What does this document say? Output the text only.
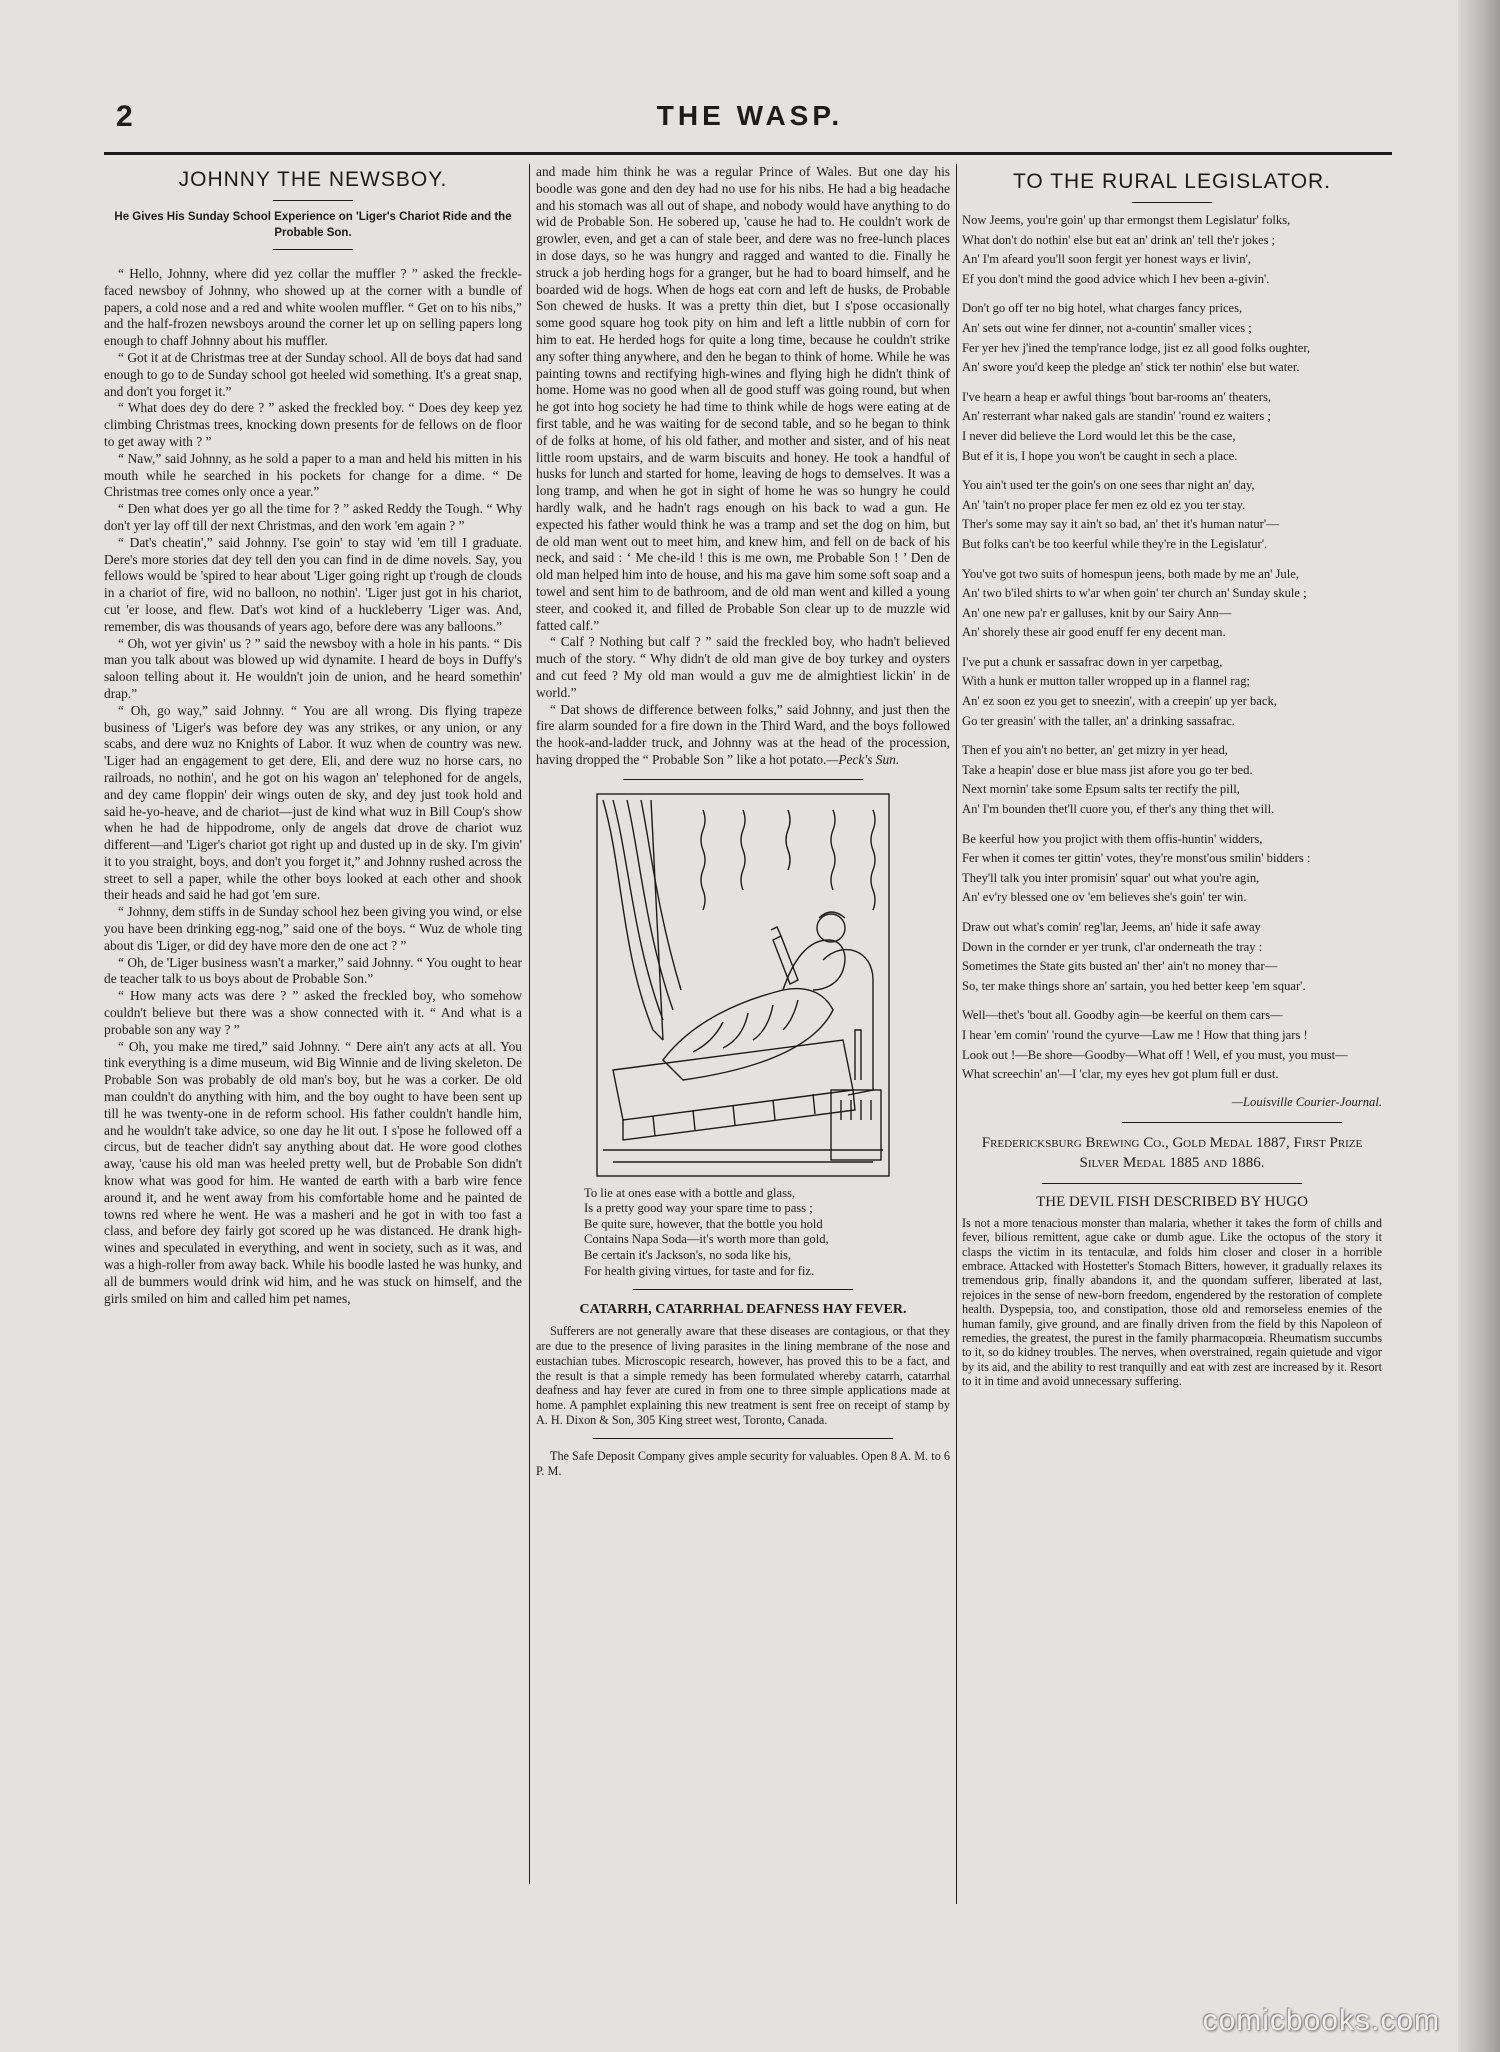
2	THE WASP.
JOHNNY THE NEWSBOY.
He Gives His Sunday School Experience on 'Liger's Chariot Ride and the Probable Son.

“ Hello, Johnny, where did yez collar the muffler ? ” asked the freckle-faced newsboy of Johnny, who showed up at the corner with a bundle of papers, a cold nose and a red and white woolen muffler. “ Get on to his nibs,” and the half-frozen newsboys around the corner let up on selling papers long enough to chaff Johnny about his muffler.

“ Got it at de Christmas tree at der Sunday school. All de boys dat had sand enough to go to de Sunday school got heeled wid something. It's a great snap, and don't you forget it.”

“ What does dey do dere ? ” asked the freckled boy. “ Does dey keep yez climbing Christmas trees, knocking down presents for de fellows on de floor to get away with ? ”

“ Naw,” said Johnny, as he sold a paper to a man and held his mitten in his mouth while he searched in his pockets for change for a dime. “ De Christmas tree comes only once a year.”

“ Den what does yer go all the time for ? ” asked Reddy the Tough. “ Why don't yer lay off till der next Christmas, and den work 'em again ? ”

“ Dat's cheatin',” said Johnny. I'se goin' to stay wid 'em till I graduate. Dere's more stories dat dey tell den you can find in de dime novels. Say, you fellows would be 'spired to hear about 'Liger going right up t'rough de clouds in a chariot of fire, wid no balloon, no nothin'. 'Liger just got in his chariot, cut 'er loose, and flew. Dat's wot kind of a huckleberry 'Liger was. And, remember, dis was thousands of years ago, before dere was any balloons.”

“ Oh, wot yer givin' us ? ” said the newsboy with a hole in his pants. “ Dis man you talk about was blowed up wid dynamite. I heard de boys in Duffy's saloon telling about it. He wouldn't join de union, and he heard somethin' drap.”

“ Oh, go way,” said Johnny. “ You are all wrong. Dis flying trapeze business of 'Liger's was before dey was any strikes, or any union, or any scabs, and dere wuz no Knights of Labor. It wuz when de country was new. 'Liger had an engagement to get dere, Eli, and dere wuz no horse cars, no railroads, no nothin', and he got on his wagon an' telephoned for de angels, and dey came floppin' deir wings outen de sky, and dey just took hold and said he-yo-heave, and de chariot—just de kind what wuz in Bill Coup's show when he had de hippodrome, only de angels dat drove de chariot wuz different—and 'Liger's chariot got right up and dusted up in de sky. I'm givin' it to you straight, boys, and don't you forget it,” and Johnny rushed across the street to sell a paper, while the other boys looked at each other and shook their heads and said he had got 'em sure.

“ Johnny, dem stiffs in de Sunday school hez been giving you wind, or else you have been drinking egg-nog,” said one of the boys. “ Wuz de whole ting about dis 'Liger, or did dey have more den de one act ? ”

“ Oh, de 'Liger business wasn't a marker,” said Johnny. “ You ought to hear de teacher talk to us boys about de Probable Son.”

“ How many acts was dere ? ” asked the freckled boy, who somehow couldn't believe but there was a show connected with it. “ And what is a probable son any way ? ”

“ Oh, you make me tired,” said Johnny. “ Dere ain't any acts at all. You tink everything is a dime museum, wid Big Winnie and de living skeleton. De Probable Son was probably de old man's boy, but he was a corker. De old man couldn't do anything with him, and the boy ought to have been sent up till he was twenty-one in de reform school. His father couldn't handle him, and he wouldn't take advice, so one day he lit out. I s'pose he followed off a circus, but de teacher didn't say anything about dat. He wore good clothes away, 'cause his old man was heeled pretty well, but de Probable Son didn't know what was good for him. He wanted de earth with a barb wire fence around it, and he went away from his comfortable home and he painted de towns red where he went. He was a masheri and he got in with too fast a class, and before dey fairly got scored up he was distanced. He drank high-wines and speculated in everything, and went in society, such as it was, and was a high-roller from away back. While his boodle lasted he was hunky, and all de bummers would drink wid him, and he was stuck on himself, and the girls smiled on him and called him pet names,

and made him think he was a regular Prince of Wales. But one day his boodle was gone and den dey had no use for his nibs. He had a big headache and his stomach was all out of shape, and nobody would have anything to do wid de Probable Son. He sobered up, 'cause he had to. He couldn't work de growler, even, and get a can of stale beer, and dere was no free-lunch places in dose days, so he was hungry and ragged and wanted to die. Finally he struck a job herding hogs for a granger, but he had to board himself, and he boarded wid de hogs. When de hogs eat corn and left de husks, de Probable Son chewed de husks. It was a pretty thin diet, but I s'pose occasionally some good square hog took pity on him and left a little nubbin of corn for him to eat. He herded hogs for quite a long time, because he couldn't strike any softer thing anywhere, and den he began to think of home. While he was painting towns and rectifying high-wines and flying high he didn't think of home. Home was no good when all de good stuff was going round, but when he got into hog society he had time to think while de hogs were eating at de first table, and he was waiting for de second table, and so he began to think of de folks at home, of his old father, and mother and sister, and of his neat little room upstairs, and de warm biscuits and honey. He took a handful of husks for lunch and started for home, leaving de hogs to demselves. It was a long tramp, and when he got in sight of home he was so hungry he could hardly walk, and he hadn't rags enough on his back to wad a gun. He expected his father would think he was a tramp and set the dog on him, but de old man went out to meet him, and knew him, and fell on de back of his neck, and said : ‘ Me che-ild ! this is me own, me Probable Son ! ’ Den de old man helped him into de house, and his ma gave him some soft soap and a towel and sent him to de bathroom, and de old man went and killed a young steer, and cooked it, and filled de Probable Son clear up to de muzzle wid fatted calf.”

“ Calf ? Nothing but calf ? ” said the freckled boy, who hadn't believed much of the story. “ Why didn't de old man give de boy turkey and oysters and cut feed ? My old man would a guv me de almightiest lickin' in de world.”

“ Dat shows de difference between folks,” said Johnny, and just then the fire alarm sounded for a fire down in the Third Ward, and the boys followed the hook-and-ladder truck, and Johnny was at the head of the procession, having dropped the “ Probable Son ” like a hot potato.—Peck's Sun.

To lie at ones ease with a bottle and glass,
Is a pretty good way your spare time to pass ;
Be quite sure, however, that the bottle you hold
Contains Napa Soda—it's worth more than gold,
Be certain it's Jackson's, no soda like his,
For health giving virtues, for taste and for fiz.
CATARRH, CATARRHAL DEAFNESS HAY FEVER.

Sufferers are not generally aware that these diseases are contagious, or that they are due to the presence of living parasites in the lining membrane of the nose and eustachian tubes. Microscopic research, however, has proved this to be a fact, and the result is that a simple remedy has been formulated whereby catarrh, catarrhal deafness and hay fever are cured in from one to three simple applications made at home. A pamphlet explaining this new treatment is sent free on receipt of stamp by A. H. Dixon & Son, 305 King street west, Toronto, Canada.

The Safe Deposit Company gives ample security for valuables. Open 8 A. M. to 6 P. M.

TO THE RURAL LEGISLATOR.
Now Jeems, you're goin' up thar ermongst them Legislatur' folks,
What don't do nothin' else but eat an' drink an' tell the'r jokes ;
An' I'm afeard you'll soon fergit yer honest ways er livin',
Ef you don't mind the good advice which I hev been a-givin'.
Don't go off ter no big hotel, what charges fancy prices,
An' sets out wine fer dinner, not a-countin' smaller vices ;
Fer yer hev j'ined the temp'rance lodge, jist ez all good folks oughter,
An' swore you'd keep the pledge an' stick ter nothin' else but water.
I've hearn a heap er awful things 'bout bar-rooms an' theaters,
An' resterrant whar naked gals are standin' 'round ez waiters ;
I never did believe the Lord would let this be the case,
But ef it is, I hope you won't be caught in sech a place.
You ain't used ter the goin's on one sees thar night an' day,
An' 'tain't no proper place fer men ez old ez you ter stay.
Ther's some may say it ain't so bad, an' thet it's human natur'—
But folks can't be too keerful while they're in the Legislatur'.
You've got two suits of homespun jeens, both made by me an' Jule,
An' two b'iled shirts to w'ar when goin' ter church an' Sunday skule ;
An' one new pa'r er galluses, knit by our Sairy Ann—
An' shorely these air good enuff fer eny decent man.
I've put a chunk er sassafrac down in yer carpetbag,
With a hunk er mutton taller wropped up in a flannel rag;
An' ez soon ez you get to sneezin', with a creepin' up yer back,
Go ter greasin' with the taller, an' a drinking sassafrac.
Then ef you ain't no better, an' get mizry in yer head,
Take a heapin' dose er blue mass jist afore you go ter bed.
Next mornin' take some Epsum salts ter rectify the pill,
An' I'm bounden thet'll cuore you, ef ther's any thing thet will.
Be keerful how you projict with them offis-huntin' widders,
Fer when it comes ter gittin' votes, they're monst'ous smilin' bidders :
They'll talk you inter promisin' squar' out what you're agin,
An' ev'ry blessed one ov 'em believes she's goin' ter win.
Draw out what's comin' reg'lar, Jeems, an' hide it safe away
Down in the cornder er yer trunk, cl'ar onderneath the tray :
Sometimes the State gits busted an' ther' ain't no money thar—
So, ter make things shore an' sartain, you hed better keep 'em squar'.
Well—thet's 'bout all. Goodby agin—be keerful on them cars—
I hear 'em comin' 'round the cyurve—Law me ! How that thing jars !
Look out !—Be shore—Goodby—What off ! Well, ef you must, you must—
What screechin' an'—I 'clar, my eyes hev got plum full er dust.
—Louisville Courier-Journal.
Fredericksburg Brewing Co., Gold Medal 1887, First Prize Silver Medal 1885 and 1886.
THE DEVIL FISH DESCRIBED BY HUGO

Is not a more tenacious monster than malaria, whether it takes the form of chills and fever, bilious remittent, ague cake or dumb ague. Like the octopus of the story it clasps the victim in its tentaculæ, and folds him closer and closer in a horrible embrace. Attacked with Hostetter's Stomach Bitters, however, it gradually relaxes its tremendous grip, finally abandons it, and the quondam sufferer, liberated at last, rejoices in the sense of new-born freedom, engendered by the restoration of complete health. Dyspepsia, too, and constipation, those old and remorseless enemies of the human family, give ground, and are finally driven from the field by this Napoleon of remedies, the greatest, the purest in the family pharmacopœia. Rheumatism succumbs to it, so do kidney troubles. The nerves, when overstrained, regain quietude and vigor by its aid, and the ability to rest tranquilly and eat with zest are increased by it. Resort to it in time and avoid unnecessary suffering.

comicbooks.com
